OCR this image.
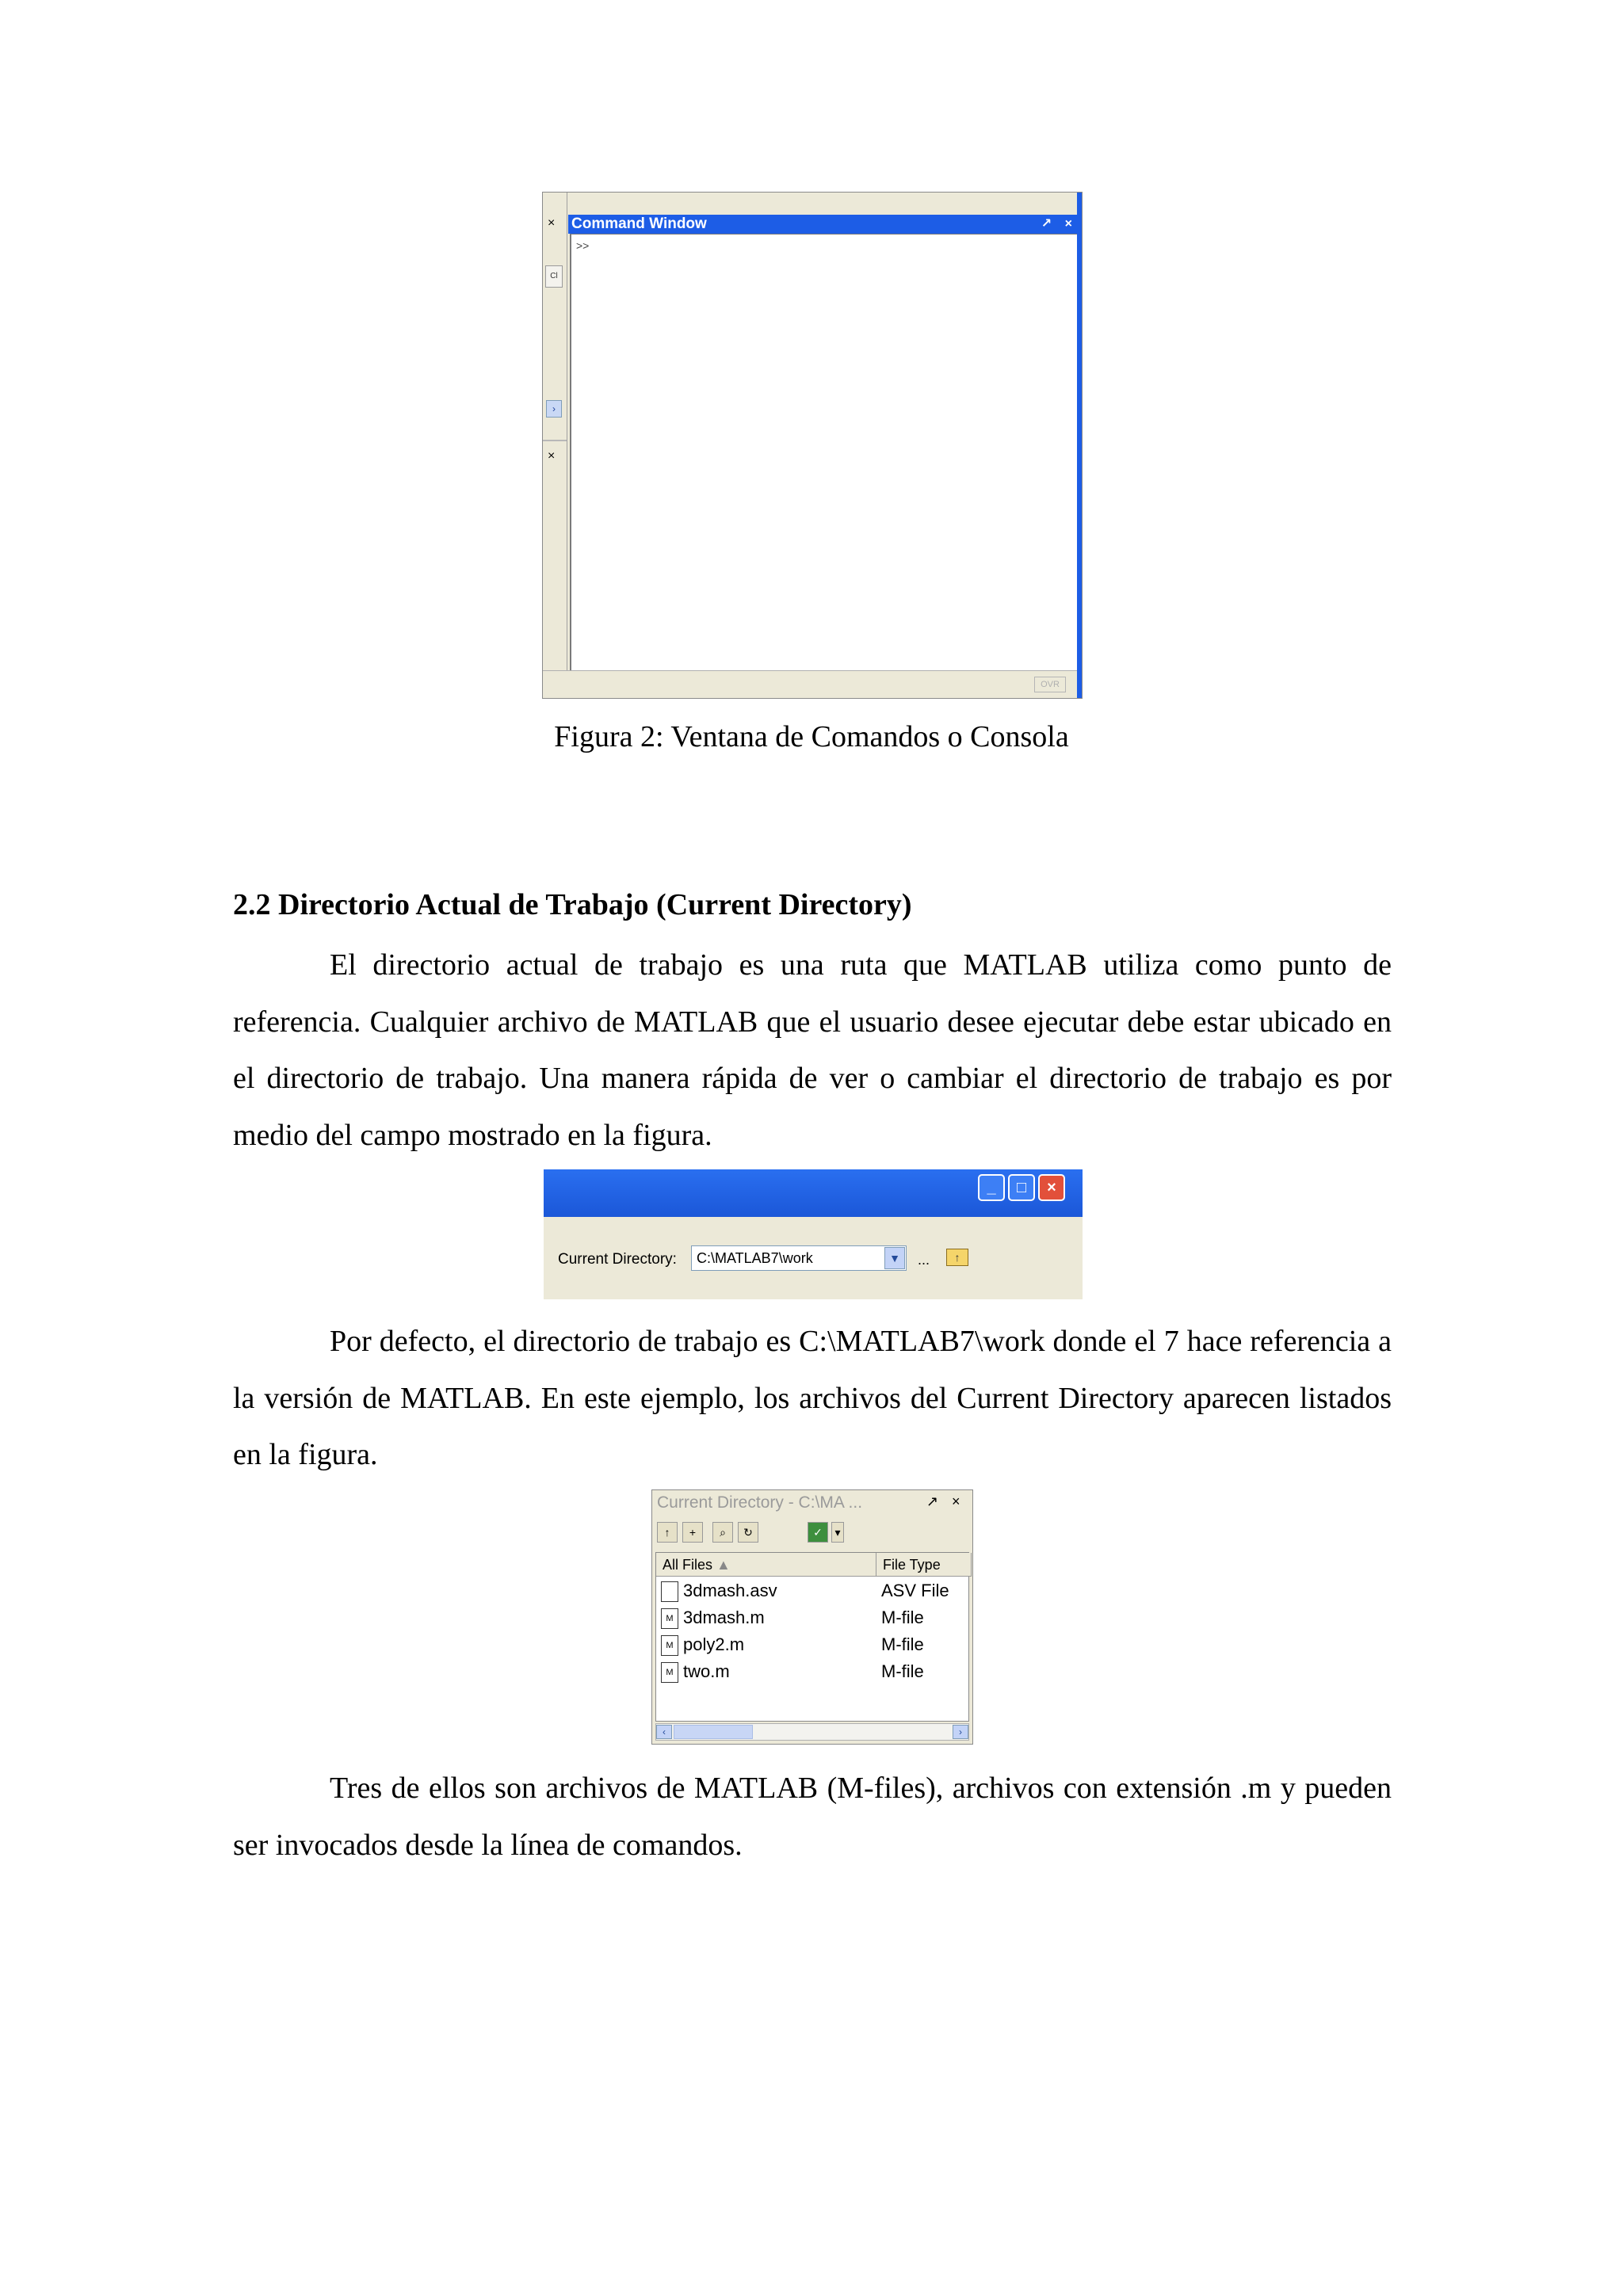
×
Cl
›
×
Command Window	↗ ×
>>
OVR
Figura 2: Ventana de Comandos o Consola
2.2 Directorio Actual de Trabajo (Current Directory)

El directorio actual de trabajo es una ruta que MATLAB utiliza como punto de referencia. Cualquier archivo de MATLAB que el usuario desee ejecutar debe estar ubicado en el directorio de trabajo. Una manera rápida de ver o cambiar el directorio de trabajo es por medio del campo mostrado en la figura.

_	□	×
Current Directory: C:\MATLAB7\work	▼	...	↑

Por defecto, el directorio de trabajo es C:\MATLAB7\work donde el 7 hace referencia a la versión de MATLAB. En este ejemplo, los archivos del Current Directory aparecen listados en la figura.

Current Directory - C:\MA ...	↗ ×
↑	+	⌕	↻	✓	▾
All Files ▲	File Type
3dmash.asv	ASV File
M 3dmash.m	M-file
M poly2.m	M-file
M two.m	M-file
‹	›

Tres de ellos son archivos de MATLAB (M-files), archivos con extensión .m y pueden ser invocados desde la línea de comandos.
